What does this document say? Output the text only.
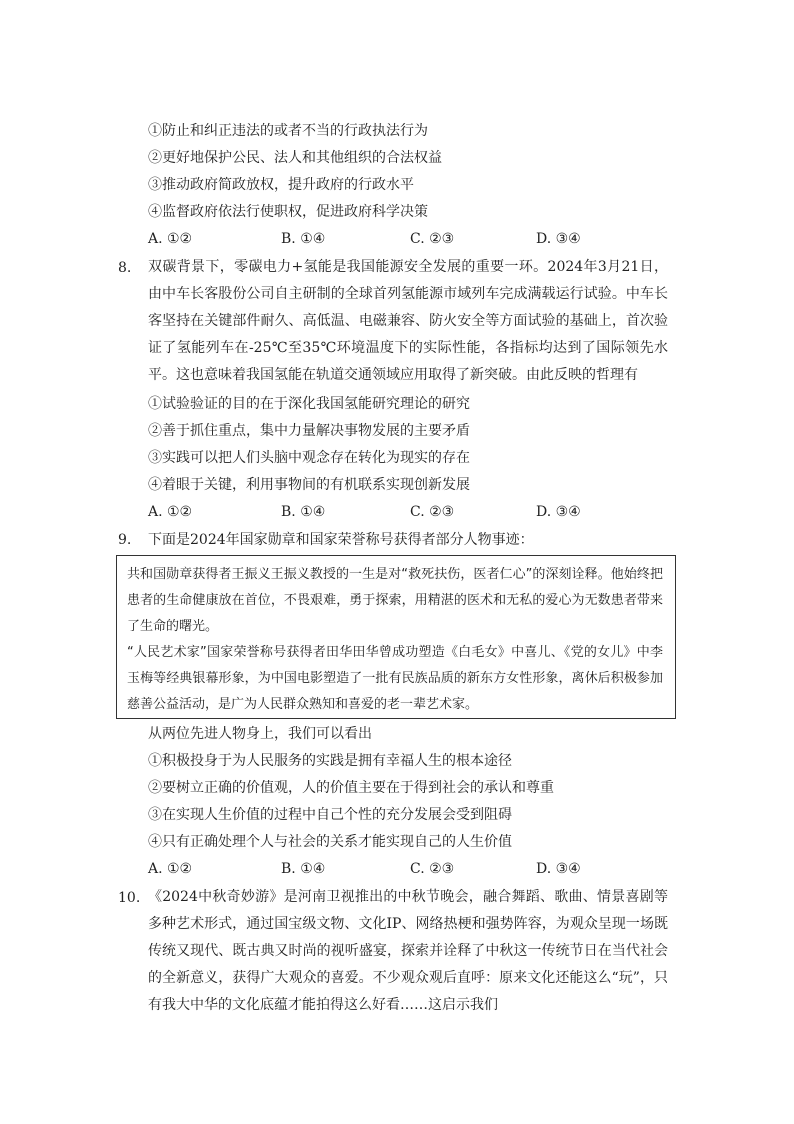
①防止和纠正违法的或者不当的行政执法行为
②更好地保护公民、法人和其他组织的合法权益
③推动政府简政放权，提升政府的行政水平
④监督政府依法行使职权，促进政府科学决策
A. ①②	B. ①④	C. ②③	D. ③④
8. 双碳背景下，零碳电力+氢能是我国能源安全发展的重要一环。2024年3月21日，由中车长客股份公司自主研制的全球首列氢能源市域列车完成满载运行试验。中车长客坚持在关键部件耐久、高低温、电磁兼容、防火安全等方面试验的基础上，首次验证了氢能列车在-25℃至35℃环境温度下的实际性能，各指标均达到了国际领先水平。这也意味着我国氢能在轨道交通领域应用取得了新突破。由此反映的哲理有
①试验验证的目的在于深化我国氢能研究理论的研究
②善于抓住重点，集中力量解决事物发展的主要矛盾
③实践可以把人们头脑中观念存在转化为现实的存在
④着眼于关键，利用事物间的有机联系实现创新发展
A. ①②	B. ①④	C. ②③	D. ③④
9. 下面是2024年国家勋章和国家荣誉称号获得者部分人物事迹：

共和国勋章获得者王振义王振义教授的一生是对“救死扶伤，医者仁心”的深刻诠释。他始终把患者的生命健康放在首位，不畏艰难，勇于探索，用精湛的医术和无私的爱心为无数患者带来了生命的曙光。

“人民艺术家”国家荣誉称号获得者田华田华曾成功塑造《白毛女》中喜儿、《党的女儿》中李玉梅等经典银幕形象，为中国电影塑造了一批有民族品质的新东方女性形象，离休后积极参加慈善公益活动，是广为人民群众熟知和喜爱的老一辈艺术家。

从两位先进人物身上，我们可以看出
①积极投身于为人民服务的实践是拥有幸福人生的根本途径
②要树立正确的价值观，人的价值主要在于得到社会的承认和尊重
③在实现人生价值的过程中自己个性的充分发展会受到阻碍
④只有正确处理个人与社会的关系才能实现自己的人生价值
A. ①②	B. ①④	C. ②③	D. ③④
10. 《2024中秋奇妙游》是河南卫视推出的中秋节晚会，融合舞蹈、歌曲、情景喜剧等多种艺术形式，通过国宝级文物、文化IP、网络热梗和强势阵容，为观众呈现一场既传统又现代、既古典又时尚的视听盛宴，探索并诠释了中秋这一传统节日在当代社会的全新意义，获得广大观众的喜爱。不少观众观后直呼：原来文化还能这么“玩”，只有我大中华的文化底蕴才能拍得这么好看……这启示我们
